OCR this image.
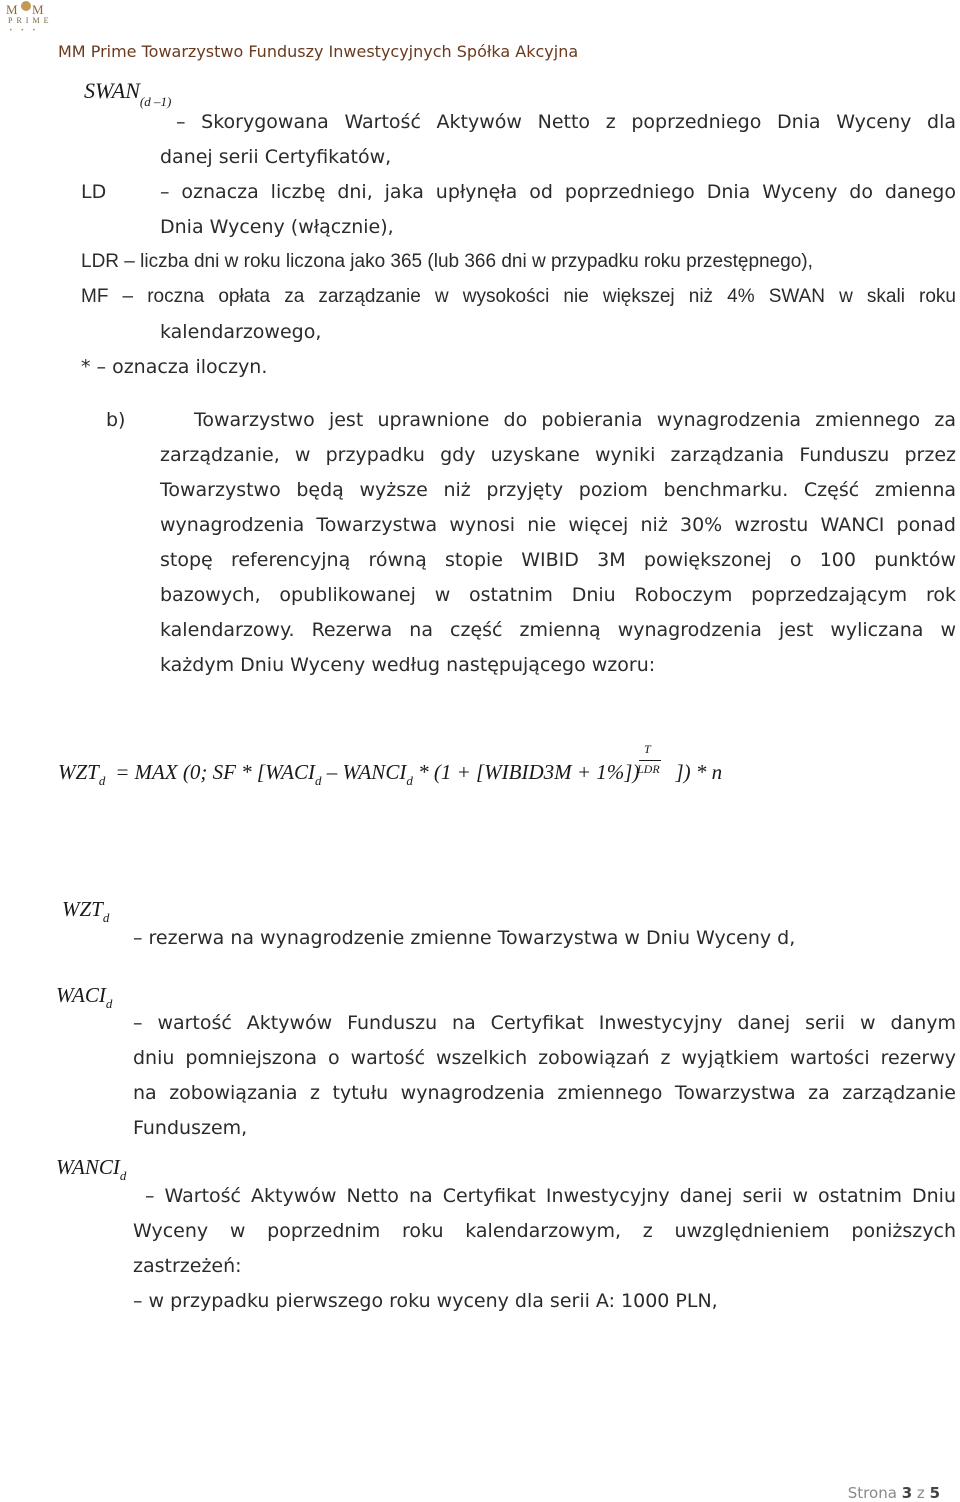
M M
PRIME
•••
MM Prime Towarzystwo Funduszy Inwestycyjnych Spółka Akcyjna
$SWAN_{(d -1)}$
– Skorygowana Wartość Aktywów Netto z poprzedniego Dnia Wyceny dla
danej serii Certyfikatów,
LD	– oznacza liczbę dni, jaka upłynęła od poprzedniego Dnia Wyceny do danego
Dnia Wyceny (włącznie),
LDR – liczba dni w roku liczona jako 365 (lub 366 dni w przypadku roku przestępnego),
MF – roczna opłata za zarządzanie w wysokości nie większej niż 4% SWAN w skali roku
kalendarzowego,
* – oznacza iloczyn.
b)	Towarzystwo jest uprawnione do pobierania wynagrodzenia zmiennego za
zarządzanie, w przypadku gdy uzyskane wyniki zarządzania Funduszu przez
Towarzystwo będą wyższe niż przyjęty poziom benchmarku. Część zmienna
wynagrodzenia Towarzystwa wynosi nie więcej niż 30% wzrostu WANCI ponad
stopę referencyjną równą stopie WIBID 3M powiększonej o 100 punktów
bazowych, opublikowanej w ostatnim Dniu Roboczym poprzedzającym rok
kalendarzowy. Rezerwa na część zmienną wynagrodzenia jest wyliczana w
każdym Dniu Wyceny według następującego wzoru:
$WZT_d$ = MAX (0; SF * [$WACI_d$ – $WANCI_d * (1$ + [WIBID3M + 1%]) ]) * n
T
LDR
$WZT_d$
– rezerwa na wynagrodzenie zmienne Towarzystwa w Dniu Wyceny d,
$WACI_d$
– wartość Aktywów Funduszu na Certyfikat Inwestycyjny danej serii w danym
dniu pomniejszona o wartość wszelkich zobowiązań z wyjątkiem wartości rezerwy
na zobowiązania z tytułu wynagrodzenia zmiennego Towarzystwa za zarządzanie
Funduszem,
$WANCI_d$
– Wartość Aktywów Netto na Certyfikat Inwestycyjny danej serii w ostatnim Dniu
Wyceny w poprzednim roku kalendarzowym, z uwzględnieniem poniższych
zastrzeżeń:
– w przypadku pierwszego roku wyceny dla serii A: 1000 PLN,
Strona 3 z 5
